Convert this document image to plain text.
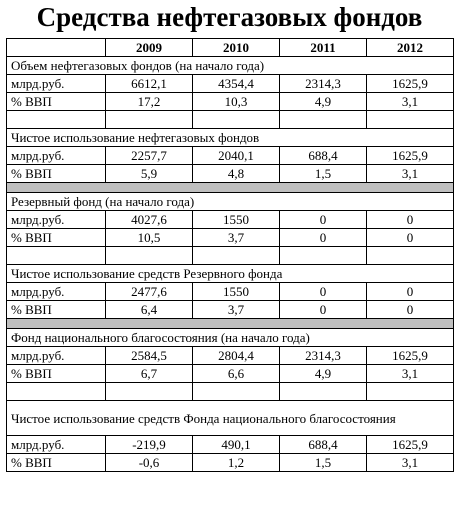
Средства нефтегазовых фондов
	2009	2010	2011	2012
Объем нефтегазовых фондов (на начало года)				
млрд.руб.	6612,1	4354,4	2314,3	1625,9
% ВВП	17,2	10,3	4,9	3,1

Чистое использование нефтегазовых фондов				
млрд.руб.	2257,7	2040,1	688,4	1625,9
% ВВП	5,9	4,8	1,5	3,1

Резервный фонд (на начало года)				
млрд.руб.	4027,6	1550	0	0
% ВВП	10,5	3,7	0	0

Чистое использование средств Резервного фонда				
млрд.руб.	2477,6	1550	0	0
% ВВП	6,4	3,7	0	0

Фонд национального благосостояния (на начало года)				
млрд.руб.	2584,5	2804,4	2314,3	1625,9
% ВВП	6,7	6,6	4,9	3,1

Чистое использование средств Фонда национального благосостояния				
млрд.руб.	-219,9	490,1	688,4	1625,9
% ВВП	-0,6	1,2	1,5	3,1
